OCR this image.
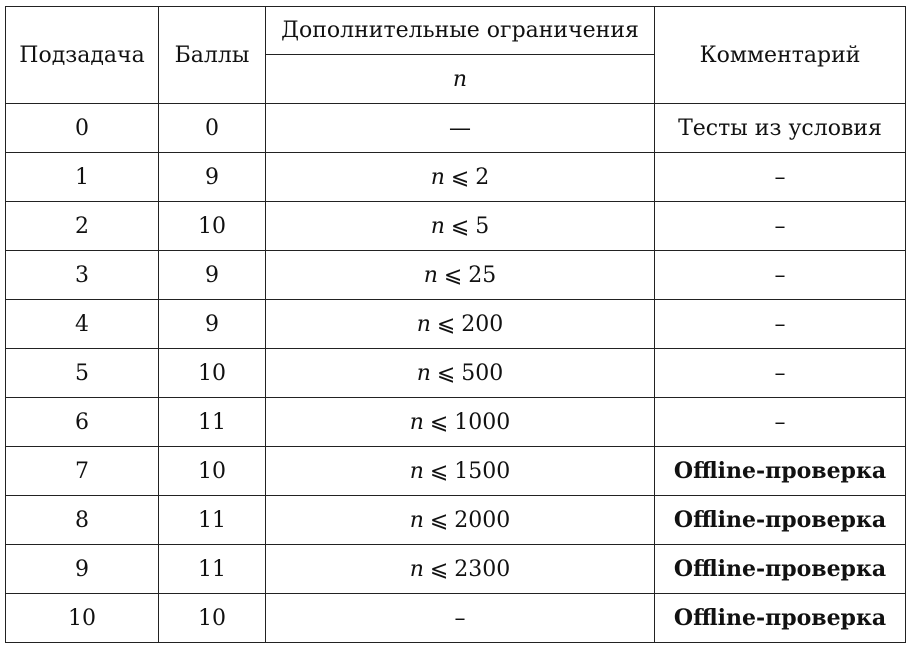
Подзадача	Баллы	Дополнительные ограничения	Комментарий
		n	
0	0	—	Тесты из условия
1	9	n ⩽ 2	–
2	10	n ⩽ 5	–
3	9	n ⩽ 25	–
4	9	n ⩽ 200	–
5	10	n ⩽ 500	–
6	11	n ⩽ 1000	–
7	10	n ⩽ 1500	Offline-проверка
8	11	n ⩽ 2000	Offline-проверка
9	11	n ⩽ 2300	Offline-проверка
10	10	–	Offline-проверка
